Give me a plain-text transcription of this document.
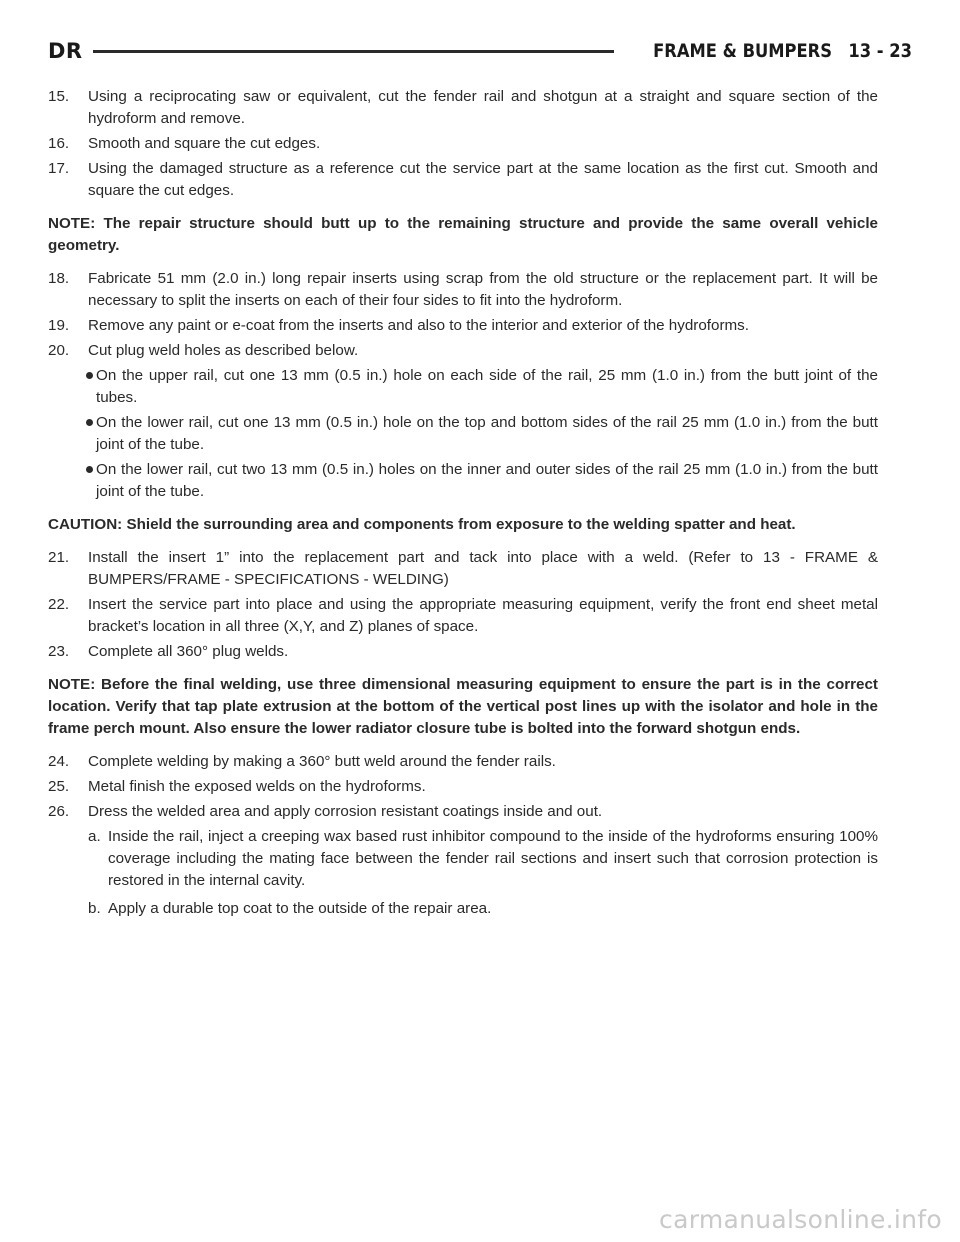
DR	FRAME & BUMPERS 13 - 23
15.	Using a reciprocating saw or equivalent, cut the fender rail and shotgun at a straight and square section of the hydroform and remove.
16.	Smooth and square the cut edges.
17.	Using the damaged structure as a reference cut the service part at the same location as the first cut. Smooth and square the cut edges.
NOTE: The repair structure should butt up to the remaining structure and provide the same overall vehicle geometry.
18.	Fabricate 51 mm (2.0 in.) long repair inserts using scrap from the old structure or the replacement part. It will be necessary to split the inserts on each of their four sides to fit into the hydroform.
19.	Remove any paint or e-coat from the inserts and also to the interior and exterior of the hydroforms.
20.	Cut plug weld holes as described below.
On the upper rail, cut one 13 mm (0.5 in.) hole on each side of the rail, 25 mm (1.0 in.) from the butt joint of the tubes.
On the lower rail, cut one 13 mm (0.5 in.) hole on the top and bottom sides of the rail 25 mm (1.0 in.) from the butt joint of the tube.
On the lower rail, cut two 13 mm (0.5 in.) holes on the inner and outer sides of the rail 25 mm (1.0 in.) from the butt joint of the tube.
CAUTION: Shield the surrounding area and components from exposure to the welding spatter and heat.
21.	Install the insert 1” into the replacement part and tack into place with a weld. (Refer to 13 - FRAME & BUMPERS/FRAME - SPECIFICATIONS - WELDING)
22.	Insert the service part into place and using the appropriate measuring equipment, verify the front end sheet metal bracket’s location in all three (X,Y, and Z) planes of space.
23.	Complete all 360° plug welds.
NOTE: Before the final welding, use three dimensional measuring equipment to ensure the part is in the correct location. Verify that tap plate extrusion at the bottom of the vertical post lines up with the isolator and hole in the frame perch mount. Also ensure the lower radiator closure tube is bolted into the forward shotgun ends.
24.	Complete welding by making a 360° butt weld around the fender rails.
25.	Metal finish the exposed welds on the hydroforms.
26.	Dress the welded area and apply corrosion resistant coatings inside and out.
a. Inside the rail, inject a creeping wax based rust inhibitor compound to the inside of the hydroforms ensuring 100% coverage including the mating face between the fender rail sections and insert such that corrosion protection is restored in the internal cavity.
b. Apply a durable top coat to the outside of the repair area.
carmanualsonline.info
